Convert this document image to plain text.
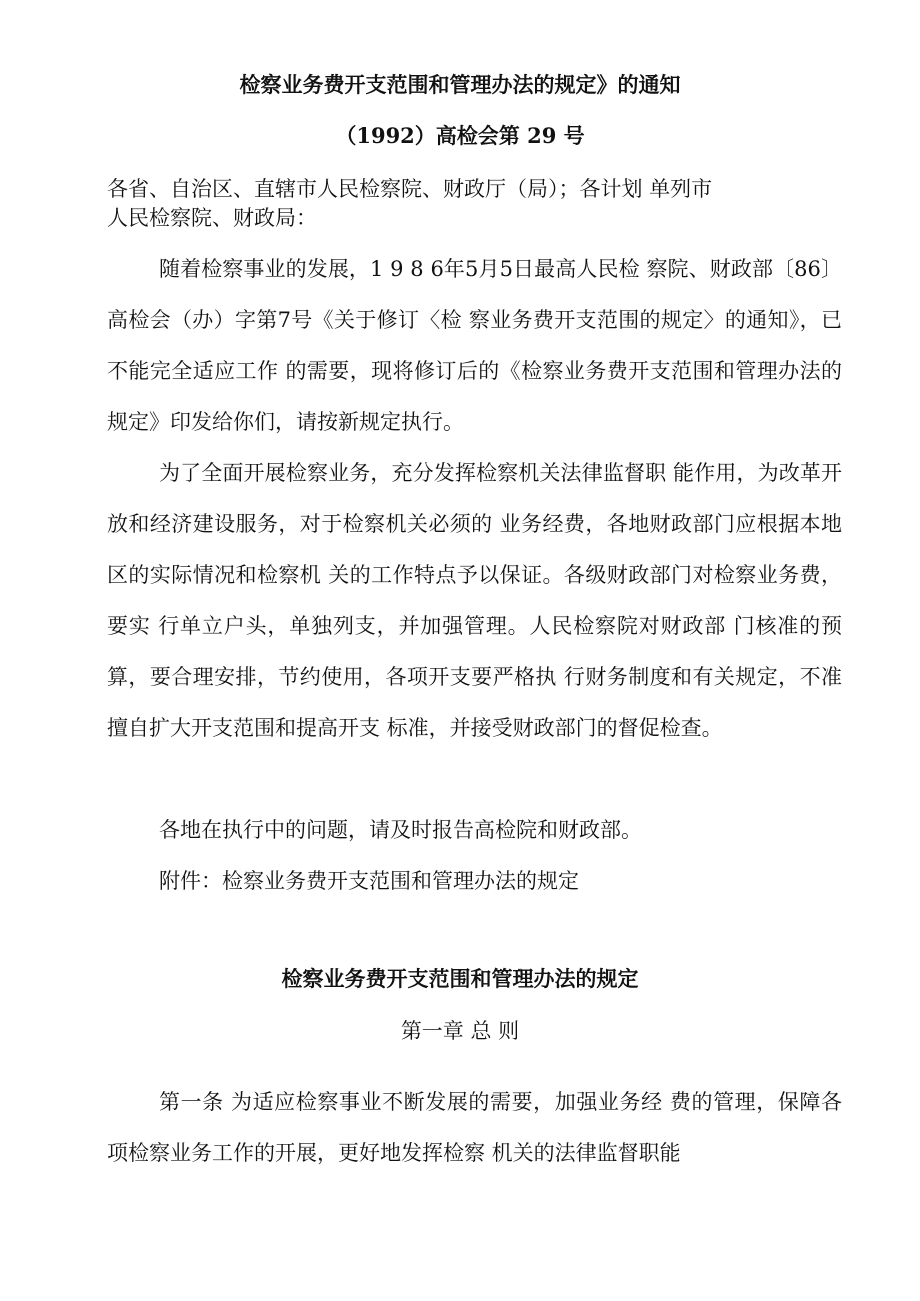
检察业务费开支范围和管理办法的规定》的通知
（1992）高检会第 29 号
各省、自治区、直辖市人民检察院、财政厅（局）；各计划 单列市
人民检察院、财政局：

随着检察事业的发展，1 9 8 6年5月5日最高人民检 察院、财政部〔86〕高检会（办）字第7号《关于修订〈检 察业务费开支范围的规定〉的通知》，已不能完全适应工作 的需要，现将修订后的《检察业务费开支范围和管理办法的 规定》印发给你们，请按新规定执行。

为了全面开展检察业务，充分发挥检察机关法律监督职 能作用，为改革开放和经济建设服务，对于检察机关必须的 业务经费，各地财政部门应根据本地区的实际情况和检察机 关的工作特点予以保证。各级财政部门对检察业务费，要实 行单立户头，单独列支，并加强管理。人民检察院对财政部 门核准的预算，要合理安排，节约使用，各项开支要严格执 行财务制度和有关规定，不准擅自扩大开支范围和提高开支 标准，并接受财政部门的督促检查。

各地在执行中的问题，请及时报告高检院和财政部。
附件：检察业务费开支范围和管理办法的规定
检察业务费开支范围和管理办法的规定
第一章 总 则

第一条 为适应检察事业不断发展的需要，加强业务经 费的管理，保障各项检察业务工作的开展，更好地发挥检察 机关的法律监督职能
